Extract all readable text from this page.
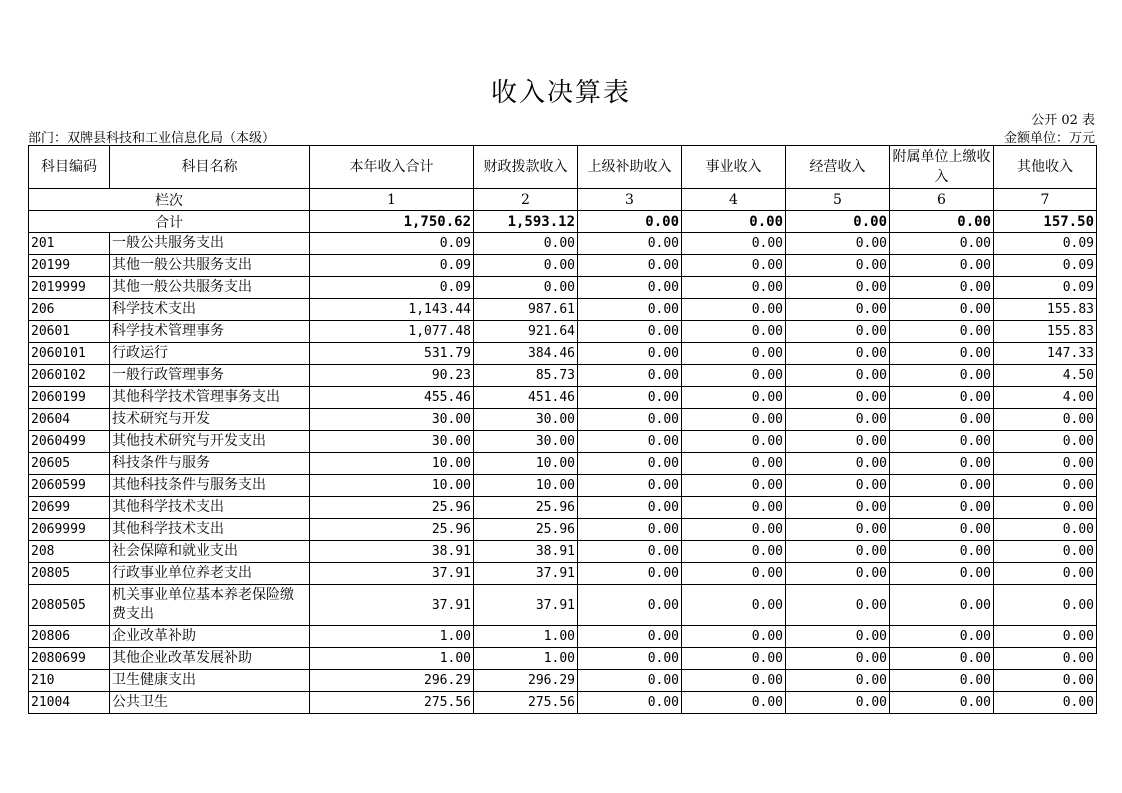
收入决算表
公开 02 表
部门：双牌县科技和工业信息化局（本级）	金额单位：万元
科目编码	科目名称	本年收入合计	财政拨款收入	上级补助收入	事业收入	经营收入	附属单位上缴收入	其他收入
栏次		1	2	3	4	5	6	7
合计		1,750.62	1,593.12	0.00	0.00	0.00	0.00	157.50
201	一般公共服务支出	0.09	0.00	0.00	0.00	0.00	0.00	0.09
20199	其他一般公共服务支出	0.09	0.00	0.00	0.00	0.00	0.00	0.09
2019999	其他一般公共服务支出	0.09	0.00	0.00	0.00	0.00	0.00	0.09
206	科学技术支出	1,143.44	987.61	0.00	0.00	0.00	0.00	155.83
20601	科学技术管理事务	1,077.48	921.64	0.00	0.00	0.00	0.00	155.83
2060101	行政运行	531.79	384.46	0.00	0.00	0.00	0.00	147.33
2060102	一般行政管理事务	90.23	85.73	0.00	0.00	0.00	0.00	4.50
2060199	其他科学技术管理事务支出	455.46	451.46	0.00	0.00	0.00	0.00	4.00
20604	技术研究与开发	30.00	30.00	0.00	0.00	0.00	0.00	0.00
2060499	其他技术研究与开发支出	30.00	30.00	0.00	0.00	0.00	0.00	0.00
20605	科技条件与服务	10.00	10.00	0.00	0.00	0.00	0.00	0.00
2060599	其他科技条件与服务支出	10.00	10.00	0.00	0.00	0.00	0.00	0.00
20699	其他科学技术支出	25.96	25.96	0.00	0.00	0.00	0.00	0.00
2069999	其他科学技术支出	25.96	25.96	0.00	0.00	0.00	0.00	0.00
208	社会保障和就业支出	38.91	38.91	0.00	0.00	0.00	0.00	0.00
20805	行政事业单位养老支出	37.91	37.91	0.00	0.00	0.00	0.00	0.00
2080505	机关事业单位基本养老保险缴费支出	37.91	37.91	0.00	0.00	0.00	0.00	0.00
20806	企业改革补助	1.00	1.00	0.00	0.00	0.00	0.00	0.00
2080699	其他企业改革发展补助	1.00	1.00	0.00	0.00	0.00	0.00	0.00
210	卫生健康支出	296.29	296.29	0.00	0.00	0.00	0.00	0.00
21004	公共卫生	275.56	275.56	0.00	0.00	0.00	0.00	0.00
